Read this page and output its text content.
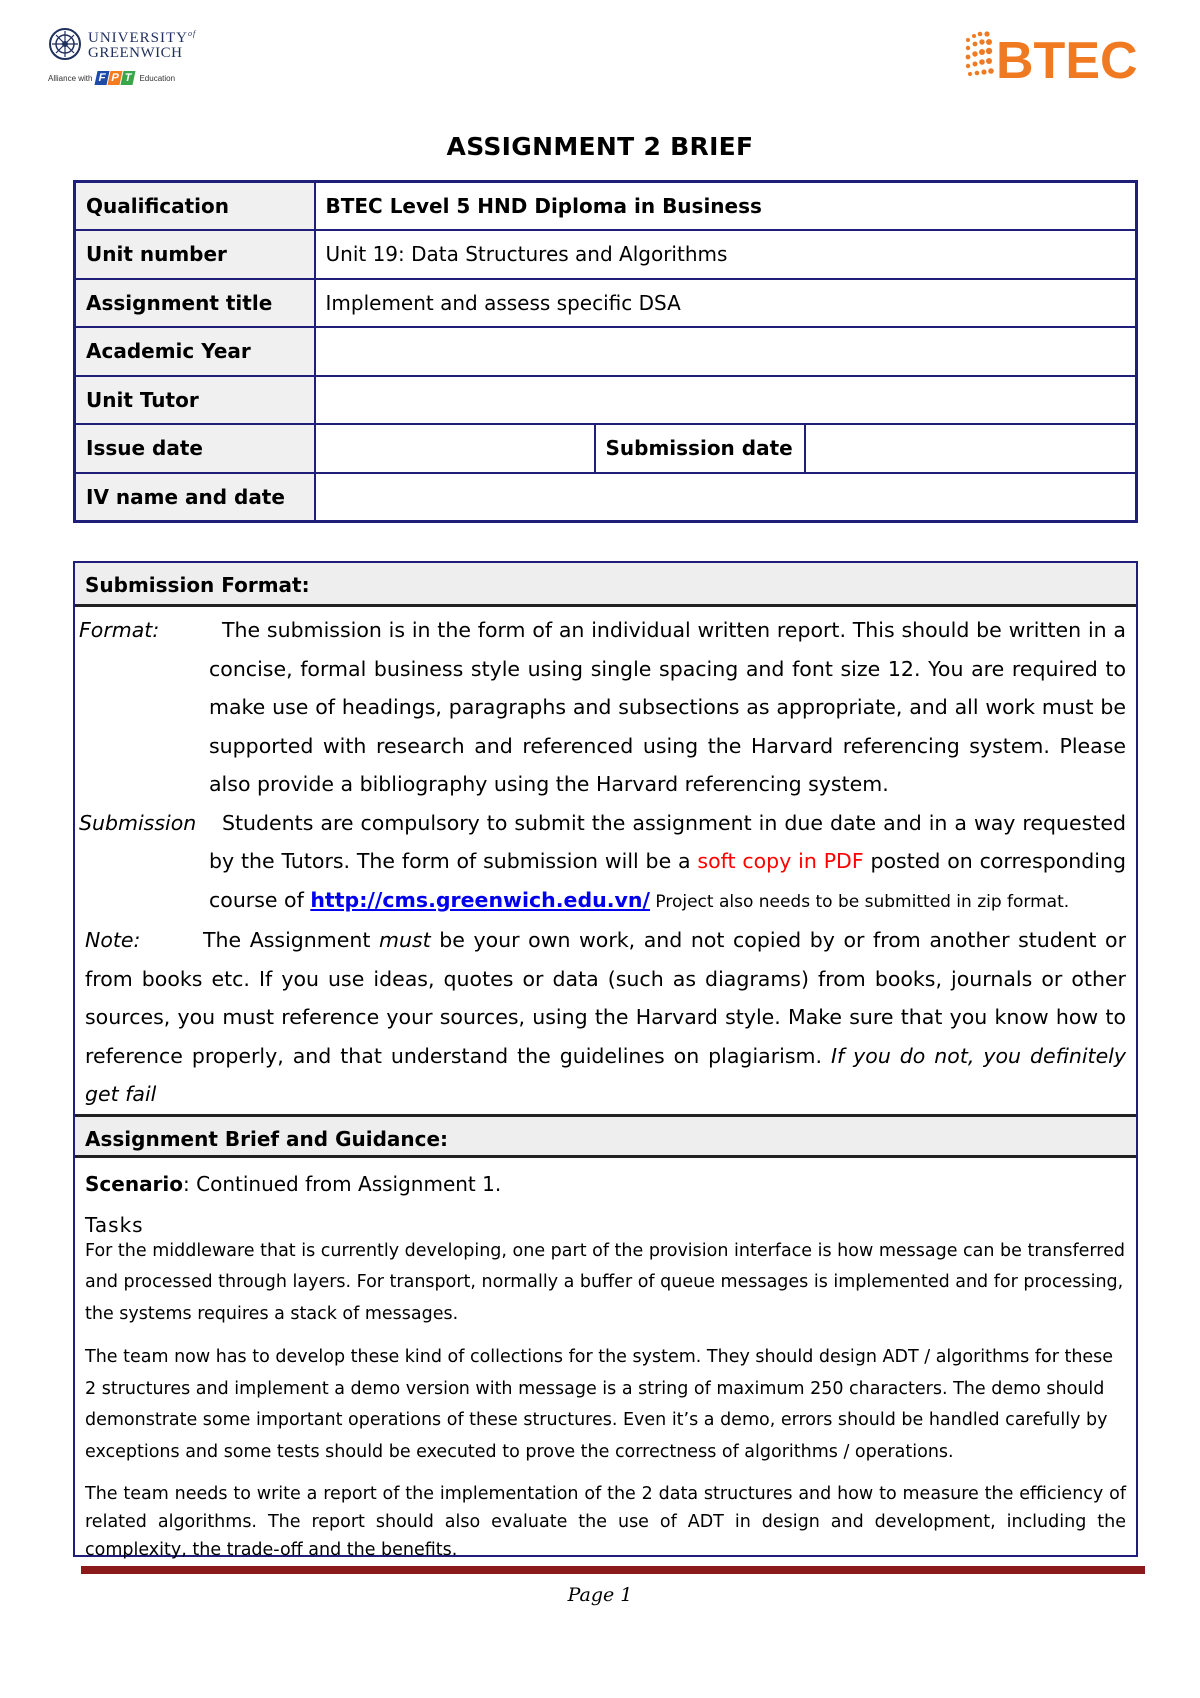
$UNIVERSITY^{of}$
GREENWICH
Alliance with F P T Education	BTEC
ASSIGNMENT 2 BRIEF
Qualification	BTEC Level 5 HND Diploma in Business		
Unit number	Unit 19: Data Structures and Algorithms		
Assignment title	Implement and assess specific DSA		
Academic Year			
Unit Tutor			
Issue date		Submission date	
IV name and date			
Submission Format:
Format:	The submission is in the form of an individual written report. This should be written in a concise, formal business style using single spacing and font size 12. You are required to make use of headings, paragraphs and subsections as appropriate, and all work must be supported with research and referenced using the Harvard referencing system. Please also provide a bibliography using the Harvard referencing system.
Submission	Students are compulsory to submit the assignment in due date and in a way requested by the Tutors. The form of submission will be a soft copy in PDF posted on corresponding course of http://cms.greenwich.edu.vn/ Project also needs to be submitted in zip format.
Note:	The Assignment must be your own work, and not copied by or from another student or from books etc. If you use ideas, quotes or data (such as diagrams) from books, journals or other sources, you must reference your sources, using the Harvard style. Make sure that you know how to reference properly, and that understand the guidelines on plagiarism. If you do not, you definitely get fail
Assignment Brief and Guidance:
Scenario: Continued from Assignment 1.
Tasks

For the middleware that is currently developing, one part of the provision interface is how message can be transferred and processed through layers. For transport, normally a buffer of queue messages is implemented and for processing, the systems requires a stack of messages.

The team now has to develop these kind of collections for the system. They should design ADT / algorithms for these 2 structures and implement a demo version with message is a string of maximum 250 characters. The demo should demonstrate some important operations of these structures. Even it’s a demo, errors should be handled carefully by exceptions and some tests should be executed to prove the correctness of algorithms / operations.

The team needs to write a report of the implementation of the 2 data structures and how to measure the efficiency of related algorithms. The report should also evaluate the use of ADT in design and development, including the complexity, the trade-off and the benefits.

Page 1
